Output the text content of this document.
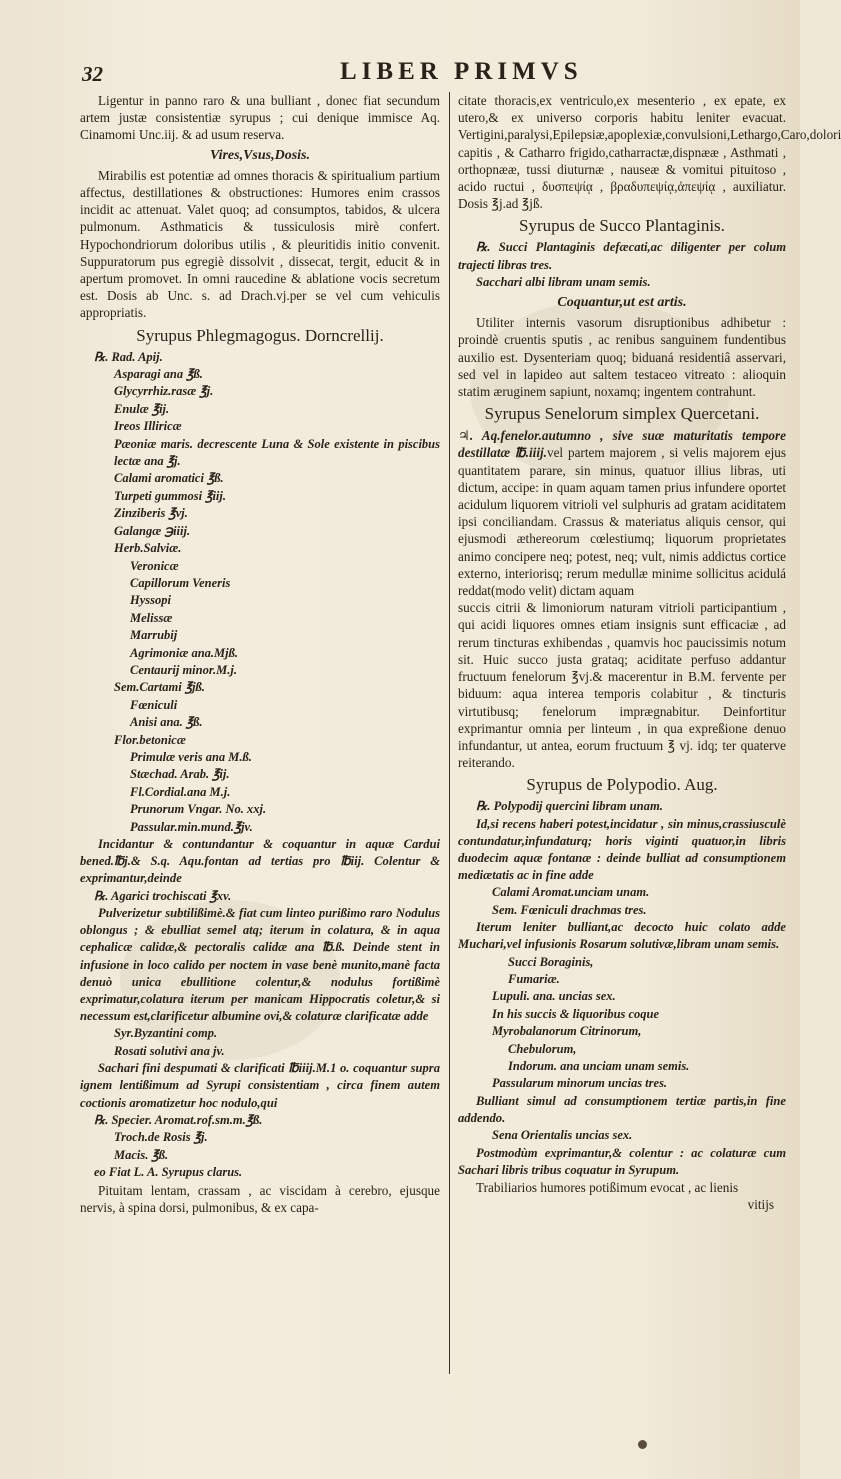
32	LIBER PRIMVS

Ligentur in panno raro & una bulliant , donec fiat secundum artem justæ consistentiæ syrupus ; cui denique immisce Aq. Cinamomi Unc.iij. & ad usum reserva.

Vires,Vsus,Dosis.

Mirabilis est potentiæ ad omnes thoracis & spiritualium partium affectus, destillationes & obstructiones: Humores enim crassos incidit ac attenuat. Valet quoq; ad consumptos, tabidos, & ulcera pulmonum. Asthmaticis & tussiculosis mirè confert. Hypochondriorum doloribus utilis , & pleuritidis initio convenit. Suppuratorum pus egregiè dissolvit , dissecat, tergit, educit & in apertum promovet. In omni raucedine & ablatione vocis secretum est. Dosis ab Unc. s. ad Drach.vj.per se vel cum vehiculis appropriatis.

Syrupus Phlegmagogus. Dorncrellij.
℞. Rad. Apij.
Asparagi ana ℥ß.
Glycyrrhiz.rasæ ℥j.
Enulæ ℥ij.
Ireos Illiricæ
Pæoniæ maris. decrescente Luna & Sole existente in piscibus lectæ ana ℥j.
Calami aromatici ℥ß.
Turpeti gummosi ℥iij.
Zinziberis ℥vj.
Galangæ ℈iiij.
Herb.Salviæ.
Veronicæ
Capillorum Veneris
Hyssopi
Melissæ
Marrubij
Agrimoniæ ana.Mjß.
Centaurij minor.M.j.
Sem.Cartami ℥jß.
Fœniculi
Anisi ana. ℥ß.
Flor.betonicæ
Primulæ veris ana M.ß.
Stæchad. Arab. ℥ij.
Fl.Cordial.ana M.j.
Prunorum Vngar. No. xxj.
Passular.min.mund.℥jv.

Incidantur & contundantur & coquantur in aquæ Cardui bened.℔j.& S.q. Aqu.fontan ad tertias pro ℔iij. Colentur & exprimantur,deinde

℞. Agarici trochiscati ℥xv.

Pulverizetur subtilißimè.& fiat cum linteo purißimo raro Nodulus oblongus ; & ebulliat semel atq; iterum in colatura, & in aqua cephalicæ calidæ,& pectoralis calidæ ana ℔.ß. Deinde stent in infusione in loco calido per noctem in vase benè munito,manè facta denuò unica ebullitione colentur,& nodulus fortißimè exprimatur,colatura iterum per manicam Hippocratis coletur,& si necessum est,clarificetur albumine ovi,& colaturæ clarificatæ adde

Syr.Byzantini comp.
Rosati solutivi ana jv.

Sachari fini despumati & clarificati ℔iiij.M.1 o. coquantur supra ignem lentißimum ad Syrupi consistentiam , circa finem autem coctionis aromatizetur hoc nodulo,qui

℞. Specier. Aromat.rof.sm.m.℥ß.
Troch.de Rosis ℥j.
Macis. ℥ß.
eo Fiat L. A. Syrupus clarus.

Pituitam lentam, crassam , ac viscidam à cerebro, ejusque nervis, à spina dorsi, pulmonibus, & ex capa-

citate thoracis,ex ventriculo,ex mesenterio , ex epate, ex utero,& ex universo corporis habitu leniter evacuat. Vertigini,paralysi,Epilepsiæ,apoplexiæ,convulsioni,Lethargo,Caro,dolori capitis , & Catharro frigido,catharractæ,dispnææ , Asthmati , orthopnææ, tussi diuturnæ , nauseæ & vomitui pituitoso , acido ructui , δυσπεψίᾳ , βραδυπεψίᾳ,ἀπεψίᾳ , auxiliatur. Dosis ℥j.ad ℥jß.

Syrupus de Succo Plantaginis.

℞. Succi Plantaginis defæcati,ac diligenter per colum trajecti libras tres.

Sacchari albi libram unam semis.

Coquantur,ut est artis.

Utiliter internis vasorum disruptionibus adhibetur : proindè cruentis sputis , ac renibus sanguinem fundentibus auxilio est. Dysenteriam quoq; biduaná residentiâ asservari, sed vel in lapideo aut saltem testaceo vitreato : alioquin statim æruginem sapiunt, noxamq; ingentem contrahunt.

Syrupus Senelorum simplex Quercetani.

♃. Aq.fenelor.autumno , sive suæ maturitatis tempore destillatæ ℔.iiij.vel partem majorem , si velis majorem ejus quantitatem parare, sin minus, quatuor illius libras, uti dictum, accipe: in quam aquam tamen prius infundere oportet acidulum liquorem vitrioli vel sulphuris ad gratam aciditatem ipsi conciliandam. Crassus & materiatus aliquis censor, qui ejusmodi æthereorum cœlestiumq; liquorum proprietates animo concipere neq; potest, neq; vult, nimis addictus cortice externo, interiorisq; rerum medullæ minime sollicitus acidulá reddat(modo velit) dictam aquam

succis citrii & limoniorum naturam vitrioli participantium , qui acidi liquores omnes etiam insignis sunt efficaciæ , ad rerum tincturas exhibendas , quamvis hoc paucissimis notum sit. Huic succo justa grataq; aciditate perfuso addantur fructuum fenelorum ℥vj.& macerentur in B.M. fervente per biduum: aqua interea temporis colabitur , & tincturis virtutibusq; fenelorum imprægnabitur. Deinfortitur exprimantur omnia per linteum , in qua expreßione denuo infundantur, ut antea, eorum fructuum ℥ vj. idq; ter quaterve reiterando.

Syrupus de Polypodio. Aug.

℞. Polypodij quercini libram unam.

Id,si recens haberi potest,incidatur , sin minus,crassiusculè contundatur,infundaturq; horis viginti quatuor,in libris duodecim aquæ fontanæ : deinde bulliat ad consumptionem mediætatis ac in fine adde

Calami Aromat.unciam unam.
Sem. Fœniculi drachmas tres.

Iterum leniter bulliant,ac decocto huic colato adde Muchari,vel infusionis Rosarum solutivæ,libram unam semis.

Succi Boraginis,
Fumariæ.
Lupuli. ana. uncias sex.
In his succis & liquoribus coque
Myrobalanorum Citrinorum,
Chebulorum,
Indorum. ana unciam unam semis.
Passularum minorum uncias tres.

Bulliant simul ad consumptionem tertiæ partis,in fine addendo.

Sena Orientalis uncias sex.

Postmodùm exprimantur,& colentur : ac colaturæ cum Sachari libris tribus coquatur in Syrupum.

Trabiliarios humores potißimum evocat , ac lienis

vitijs
